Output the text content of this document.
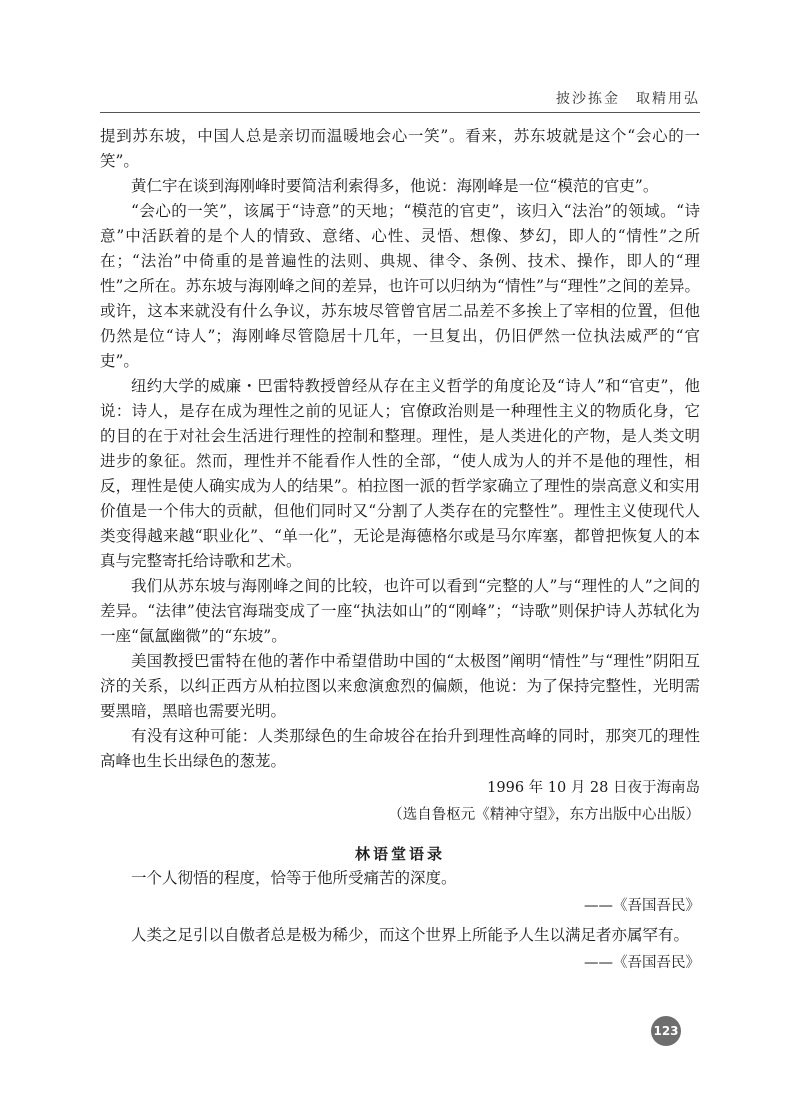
披沙拣金　取精用弘

提到苏东坡，中国人总是亲切而温暖地会心一笑”。看来，苏东坡就是这个“会心的一笑”。

黄仁宇在谈到海刚峰时要简洁利索得多，他说：海刚峰是一位“模范的官吏”。

“会心的一笑”，该属于“诗意”的天地；“模范的官吏”，该归入“法治”的领域。“诗意”中活跃着的是个人的情致、意绪、心性、灵悟、想像、梦幻，即人的“情性”之所在；“法治”中倚重的是普遍性的法则、典规、律令、条例、技术、操作，即人的“理性”之所在。苏东坡与海刚峰之间的差异，也许可以归纳为“情性”与“理性”之间的差异。或许，这本来就没有什么争议，苏东坡尽管曾官居二品差不多挨上了宰相的位置，但他仍然是位“诗人”；海刚峰尽管隐居十几年，一旦复出，仍旧俨然一位执法威严的“官吏”。

纽约大学的威廉・巴雷特教授曾经从存在主义哲学的角度论及“诗人”和“官吏”，他说：诗人，是存在成为理性之前的见证人；官僚政治则是一种理性主义的物质化身，它的目的在于对社会生活进行理性的控制和整理。理性，是人类进化的产物，是人类文明进步的象征。然而，理性并不能看作人性的全部，“使人成为人的并不是他的理性，相反，理性是使人确实成为人的结果”。柏拉图一派的哲学家确立了理性的崇高意义和实用价值是一个伟大的贡献，但他们同时又“分割了人类存在的完整性”。理性主义使现代人类变得越来越“职业化”、“单一化”，无论是海德格尔或是马尔库塞，都曾把恢复人的本真与完整寄托给诗歌和艺术。

我们从苏东坡与海刚峰之间的比较，也许可以看到“完整的人”与“理性的人”之间的差异。“法律”使法官海瑞变成了一座“执法如山”的“刚峰”；“诗歌”则保护诗人苏轼化为一座“氤氲幽微”的“东坡”。

美国教授巴雷特在他的著作中希望借助中国的“太极图”阐明“情性”与“理性”阴阳互济的关系，以纠正西方从柏拉图以来愈演愈烈的偏颇，他说：为了保持完整性，光明需要黑暗，黑暗也需要光明。

有没有这种可能：人类那绿色的生命坡谷在抬升到理性高峰的同时，那突兀的理性高峰也生长出绿色的葱茏。

1996 年 10 月 28 日夜于海南岛
（选自鲁枢元《精神守望》，东方出版中心出版）
林语堂语录

一个人彻悟的程度，恰等于他所受痛苦的深度。

——《吾国吾民》

人类之足引以自傲者总是极为稀少，而这个世界上所能予人生以满足者亦属罕有。

——《吾国吾民》
123
